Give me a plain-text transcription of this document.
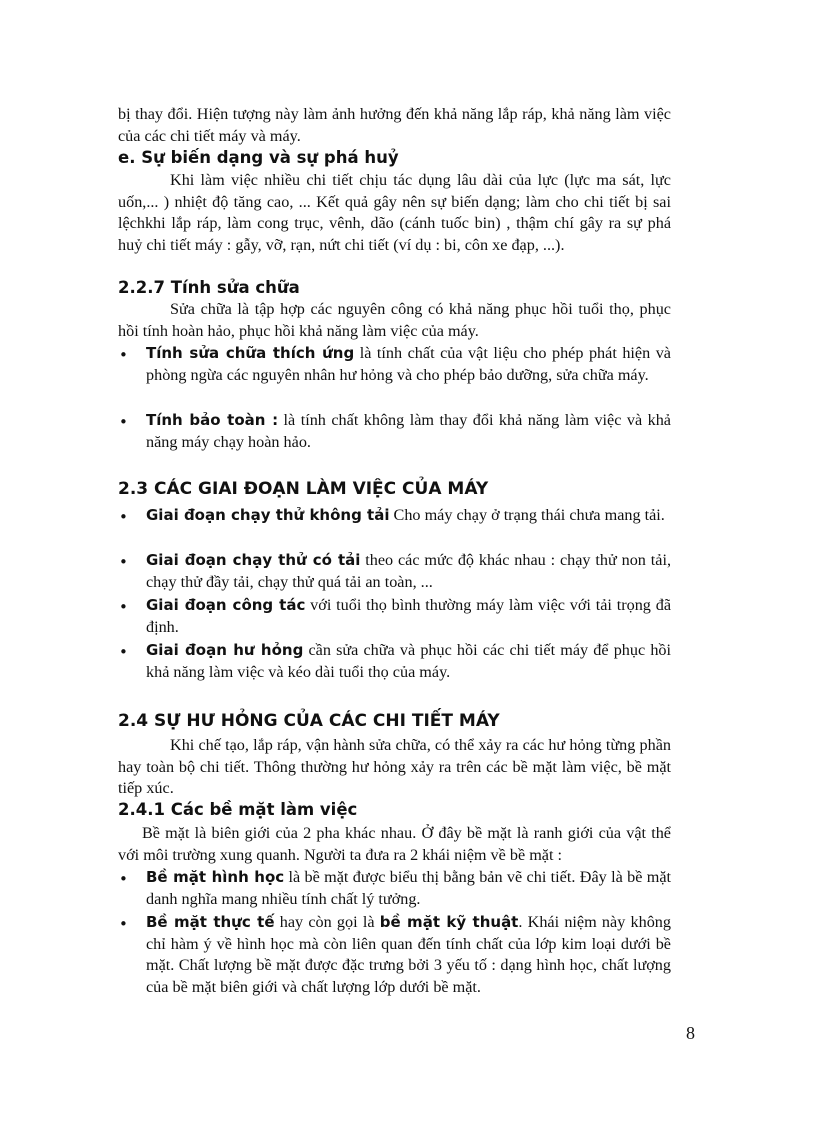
bị thay đổi. Hiện tượng này làm ảnh hưởng đến khả năng lắp ráp, khả năng làm việc của các chi tiết máy và máy.
e. Sự biến dạng và sự phá huỷ
Khi làm việc nhiều chi tiết chịu tác dụng lâu dài của lực (lực ma sát, lực uốn,... ) nhiệt độ tăng cao, ... Kết quả gây nên sự biến dạng; làm cho chi tiết bị sai lệchkhi lắp ráp, làm cong trục, vênh, dão (cánh tuốc bin) , thậm chí gây ra sự phá huỷ chi tiết máy : gẫy, vỡ, rạn, nứt chi tiết (ví dụ : bi, côn xe đạp, ...).
2.2.7 Tính sửa chữa
Sửa chữa là tập hợp các nguyên công có khả năng phục hồi tuổi thọ, phục hồi tính hoàn hảo, phục hồi khả năng làm việc của máy.
• Tính sửa chữa thích ứng là tính chất của vật liệu cho phép phát hiện và phòng ngừa các nguyên nhân hư hỏng và cho phép bảo dưỡng, sửa chữa máy.
• Tính bảo toàn : là tính chất không làm thay đổi khả năng làm việc và khả năng máy chạy hoàn hảo.
2.3 CÁC GIAI ĐOẠN LÀM VIỆC CỦA MÁY
• Giai đoạn chạy thử không tải Cho máy chạy ở trạng thái chưa mang tải.
• Giai đoạn chạy thử có tải theo các mức độ khác nhau : chạy thử non tải, chạy thử đầy tải, chạy thử quá tải an toàn, ...
• Giai đoạn công tác với tuổi thọ bình thường máy làm việc với tải trọng đã định.
• Giai đoạn hư hỏng cần sửa chữa và phục hồi các chi tiết máy để phục hồi khả năng làm việc và kéo dài tuổi thọ của máy.
2.4 SỰ HƯ HỎNG CỦA CÁC CHI TIẾT MÁY
Khi chế tạo, lắp ráp, vận hành sửa chữa, có thể xảy ra các hư hỏng từng phần hay toàn bộ chi tiết. Thông thường hư hỏng xảy ra trên các bề mặt làm việc, bề mặt tiếp xúc.
2.4.1 Các bề mặt làm việc
Bề mặt là biên giới của 2 pha khác nhau. Ở đây bề mặt là ranh giới của vật thể với môi trường xung quanh. Người ta đưa ra 2 khái niệm về bề mặt :
• Bề mặt hình học là bề mặt được biểu thị bằng bản vẽ chi tiết. Đây là bề mặt danh nghĩa mang nhiều tính chất lý tưởng.
• Bề mặt thực tế hay còn gọi là bề mặt kỹ thuật. Khái niệm này không chỉ hàm ý về hình học mà còn liên quan đến tính chất của lớp kim loại dưới bề mặt. Chất lượng bề mặt được đặc trưng bởi 3 yếu tố : dạng hình học, chất lượng của bề mặt biên giới và chất lượng lớp dưới bề mặt.
8
